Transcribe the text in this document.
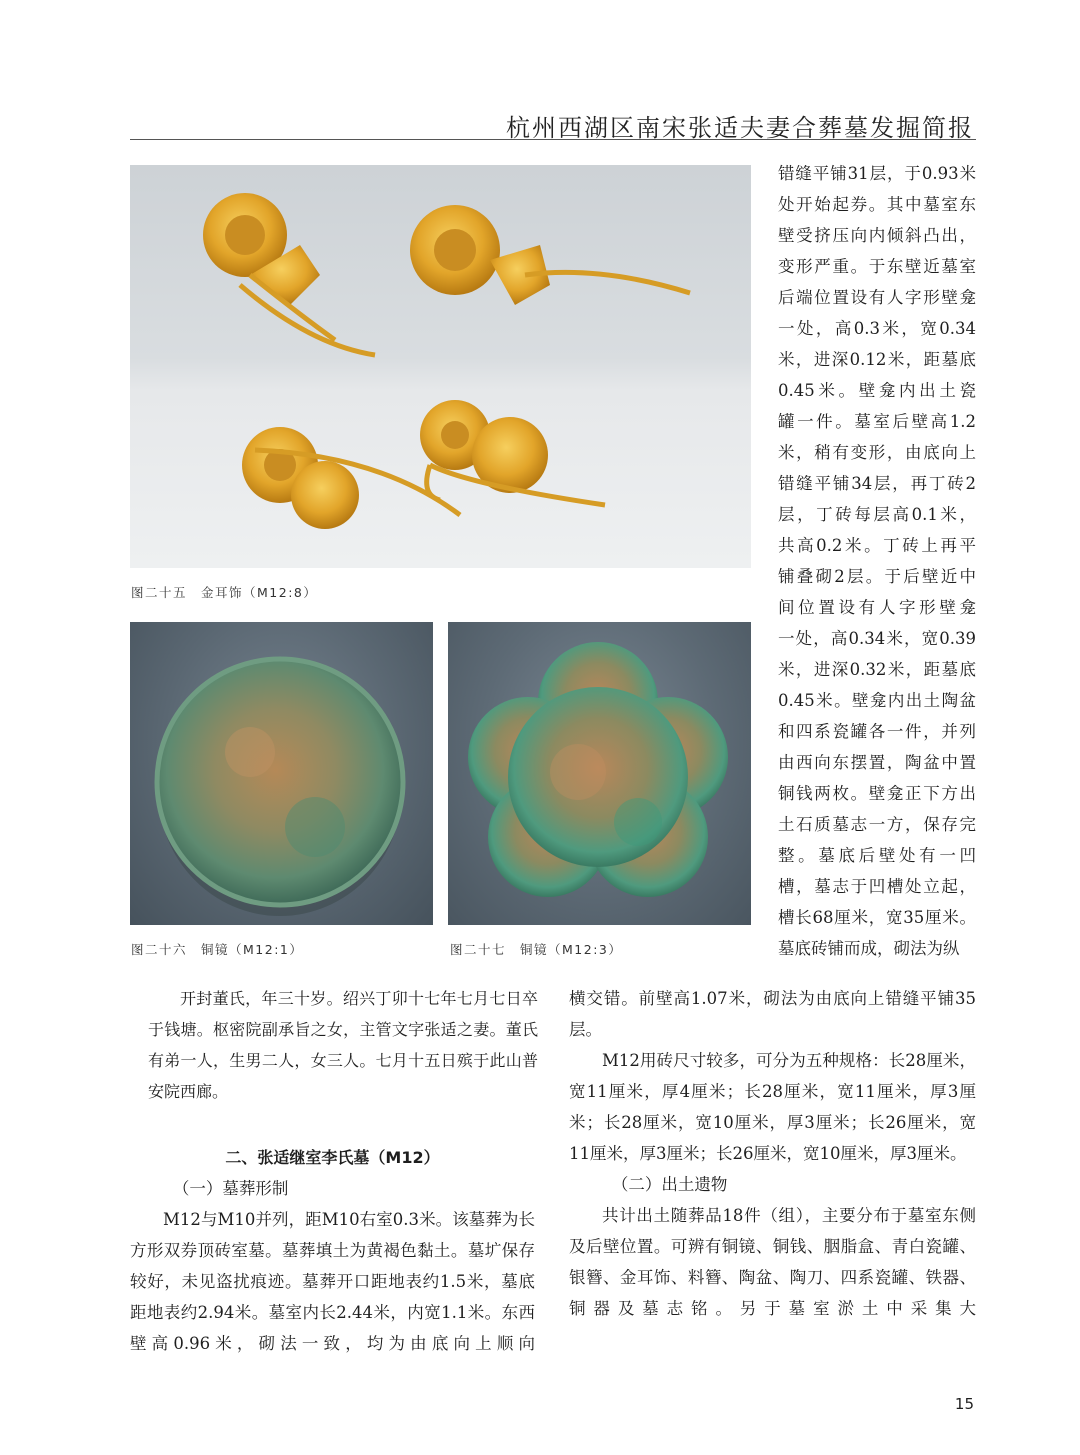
杭州西湖区南宋张适夫妻合葬墓发掘简报
图二十五　金耳饰（M12:8）
图二十六　铜镜（M12:1）	图二十七　铜镜（M12:3）

错缝平铺31层，于0.93米

处开始起券。其中墓室东

壁受挤压向内倾斜凸出，

变形严重。于东壁近墓室

后端位置设有人字形壁龛

一处，高0.3米，宽0.34

米，进深0.12米，距墓底

0.45米。壁龛内出土瓷

罐一件。墓室后壁高1.2

米，稍有变形，由底向上

错缝平铺34层，再丁砖2

层，丁砖每层高0.1米，

共高0.2米。丁砖上再平

铺叠砌2层。于后壁近中

间位置设有人字形壁龛

一处，高0.34米，宽0.39

米，进深0.32米，距墓底

0.45米。壁龛内出土陶盆

和四系瓷罐各一件，并列

由西向东摆置，陶盆中置

铜钱两枚。壁龛正下方出

土石质墓志一方，保存完

整。墓底后壁处有一凹

槽，墓志于凹槽处立起，

槽长68厘米，宽35厘米。

墓底砖铺而成，砌法为纵

开封董氏，年三十岁。绍兴丁卯十七年七月七日卒于钱塘。枢密院副承旨之女，主管文字张适之妻。董氏有弟一人，生男二人，女三人。七月十五日殡于此山普安院西廊。

二、张适继室李氏墓（M12）

（一）墓葬形制

M12与M10并列，距M10右室0.3米。该墓葬为长方形双券顶砖室墓。墓葬填土为黄褐色黏土。墓圹保存较好，未见盗扰痕迹。墓葬开口距地表约1.5米，墓底距地表约2.94米。墓室内长2.44米，内宽1.1米。东西壁高0.96米，砌法一致，均为由底向上顺向

横交错。前壁高1.07米，砌法为由底向上错缝平铺35层。

M12用砖尺寸较多，可分为五种规格：长28厘米，宽11厘米，厚4厘米；长28厘米，宽11厘米，厚3厘米；长28厘米，宽10厘米，厚3厘米；长26厘米，宽11厘米，厚3厘米；长26厘米，宽10厘米，厚3厘米。

（二）出土遗物

共计出土随葬品18件（组），主要分布于墓室东侧及后壁位置。可辨有铜镜、铜钱、胭脂盒、青白瓷罐、银簪、金耳饰、料簪、陶盆、陶刀、四系瓷罐、铁器、铜器及墓志铭。另于墓室淤土中采集大

15
